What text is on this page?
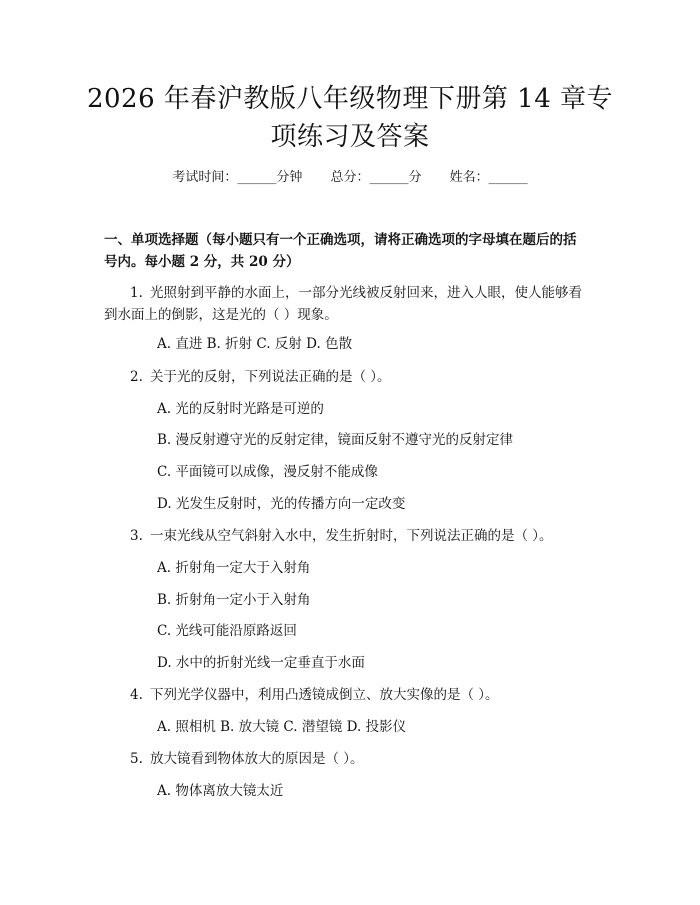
2026 年春沪教版八年级物理下册第 14 章专
项练习及答案
考试时间：______分钟 总分：______分 姓名：______
一、单项选择题（每小题只有一个正确选项，请将正确选项的字母填在题后的括
号内。每小题 2 分，共 20 分）
1. 光照射到平静的水面上，一部分光线被反射回来，进入人眼，使人能够看
到水面上的倒影，这是光的（ ）现象。
A. 直进 B. 折射 C. 反射 D. 色散
2. 关于光的反射，下列说法正确的是（ ）。
A. 光的反射时光路是可逆的
B. 漫反射遵守光的反射定律，镜面反射不遵守光的反射定律
C. 平面镜可以成像，漫反射不能成像
D. 光发生反射时，光的传播方向一定改变
3. 一束光线从空气斜射入水中，发生折射时，下列说法正确的是（ ）。
A. 折射角一定大于入射角
B. 折射角一定小于入射角
C. 光线可能沿原路返回
D. 水中的折射光线一定垂直于水面
4. 下列光学仪器中，利用凸透镜成倒立、放大实像的是（ ）。
A. 照相机 B. 放大镜 C. 潜望镜 D. 投影仪
5. 放大镜看到物体放大的原因是（ ）。
A. 物体离放大镜太近
